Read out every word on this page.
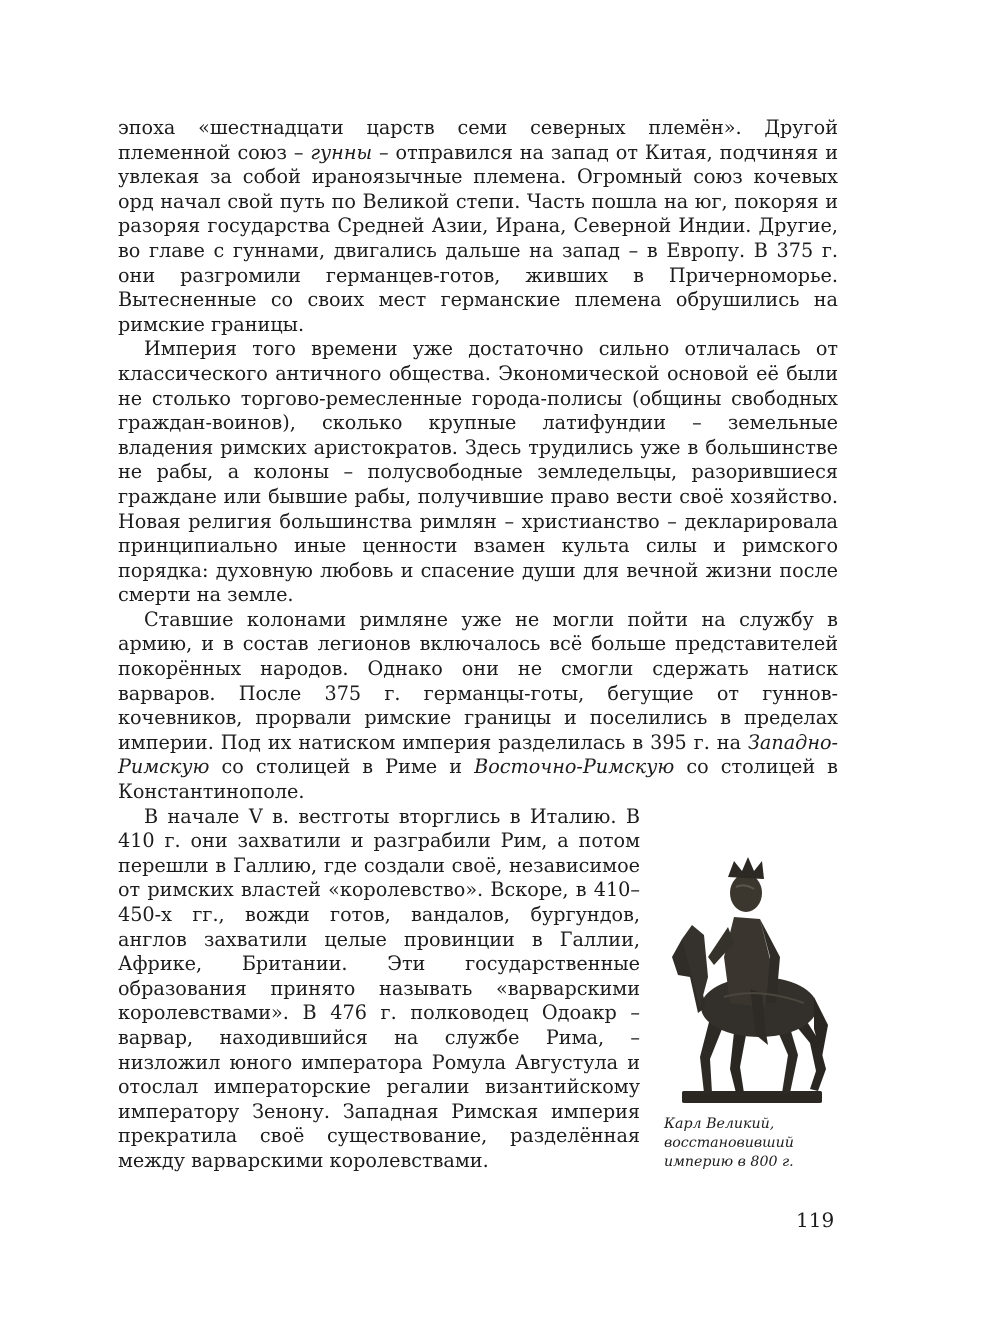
эпоха «шестнадцати царств семи северных племён». Другой племенной союз – гунны – отправился на запад от Китая, подчиняя и увлекая за собой ираноязычные племена. Огромный союз кочевых орд начал свой путь по Великой степи. Часть пошла на юг, покоряя и разоряя государства Средней Азии, Ирана, Северной Индии. Другие, во главе с гуннами, двигались дальше на запад – в Европу. В 375 г. они разгромили германцев-готов, живших в Причерноморье. Вытесненные со своих мест германские племена обрушились на римские границы.

Империя того времени уже достаточно сильно отличалась от классического античного общества. Экономической основой её были не столько торгово-ремесленные города-полисы (общины свободных граждан-воинов), сколько крупные латифундии – земельные владения римских аристократов. Здесь трудились уже в большинстве не рабы, а колоны – полусвободные земледельцы, разорившиеся граждане или бывшие рабы, получившие право вести своё хозяйство. Новая религия большинства римлян – христианство – декларировала принципиально иные ценности взамен культа силы и римского порядка: духовную любовь и спасение души для вечной жизни после смерти на земле.

Ставшие колонами римляне уже не могли пойти на службу в армию, и в состав легионов включалось всё больше представителей покорённых народов. Однако они не смогли сдержать натиск варваров. После 375 г. германцы-готы, бегущие от гуннов-кочевников, прорвали римские границы и поселились в пределах империи. Под их натиском империя разделилась в 395 г. на Западно-Римскую со столицей в Риме и Восточно-Римскую со столицей в Константинополе.

В начале V в. вестготы вторглись в Италию. В 410 г. они захватили и разграбили Рим, а потом перешли в Галлию, где создали своё, независимое от римских властей «королевство». Вскоре, в 410–450-х гг., вожди готов, вандалов, бургундов, англов захватили целые провинции в Галлии, Африке, Британии. Эти государственные образования принято называть «варварскими королевствами». В 476 г. полководец Одоакр – варвар, находившийся на службе Рима, – низложил юного императора Ромула Августула и отослал императорские регалии византийскому императору Зенону. Западная Римская империя прекратила своё существование, разделённая между варварскими королевствами.

Карл Великий, восстановивший империю в 800 г.
119
